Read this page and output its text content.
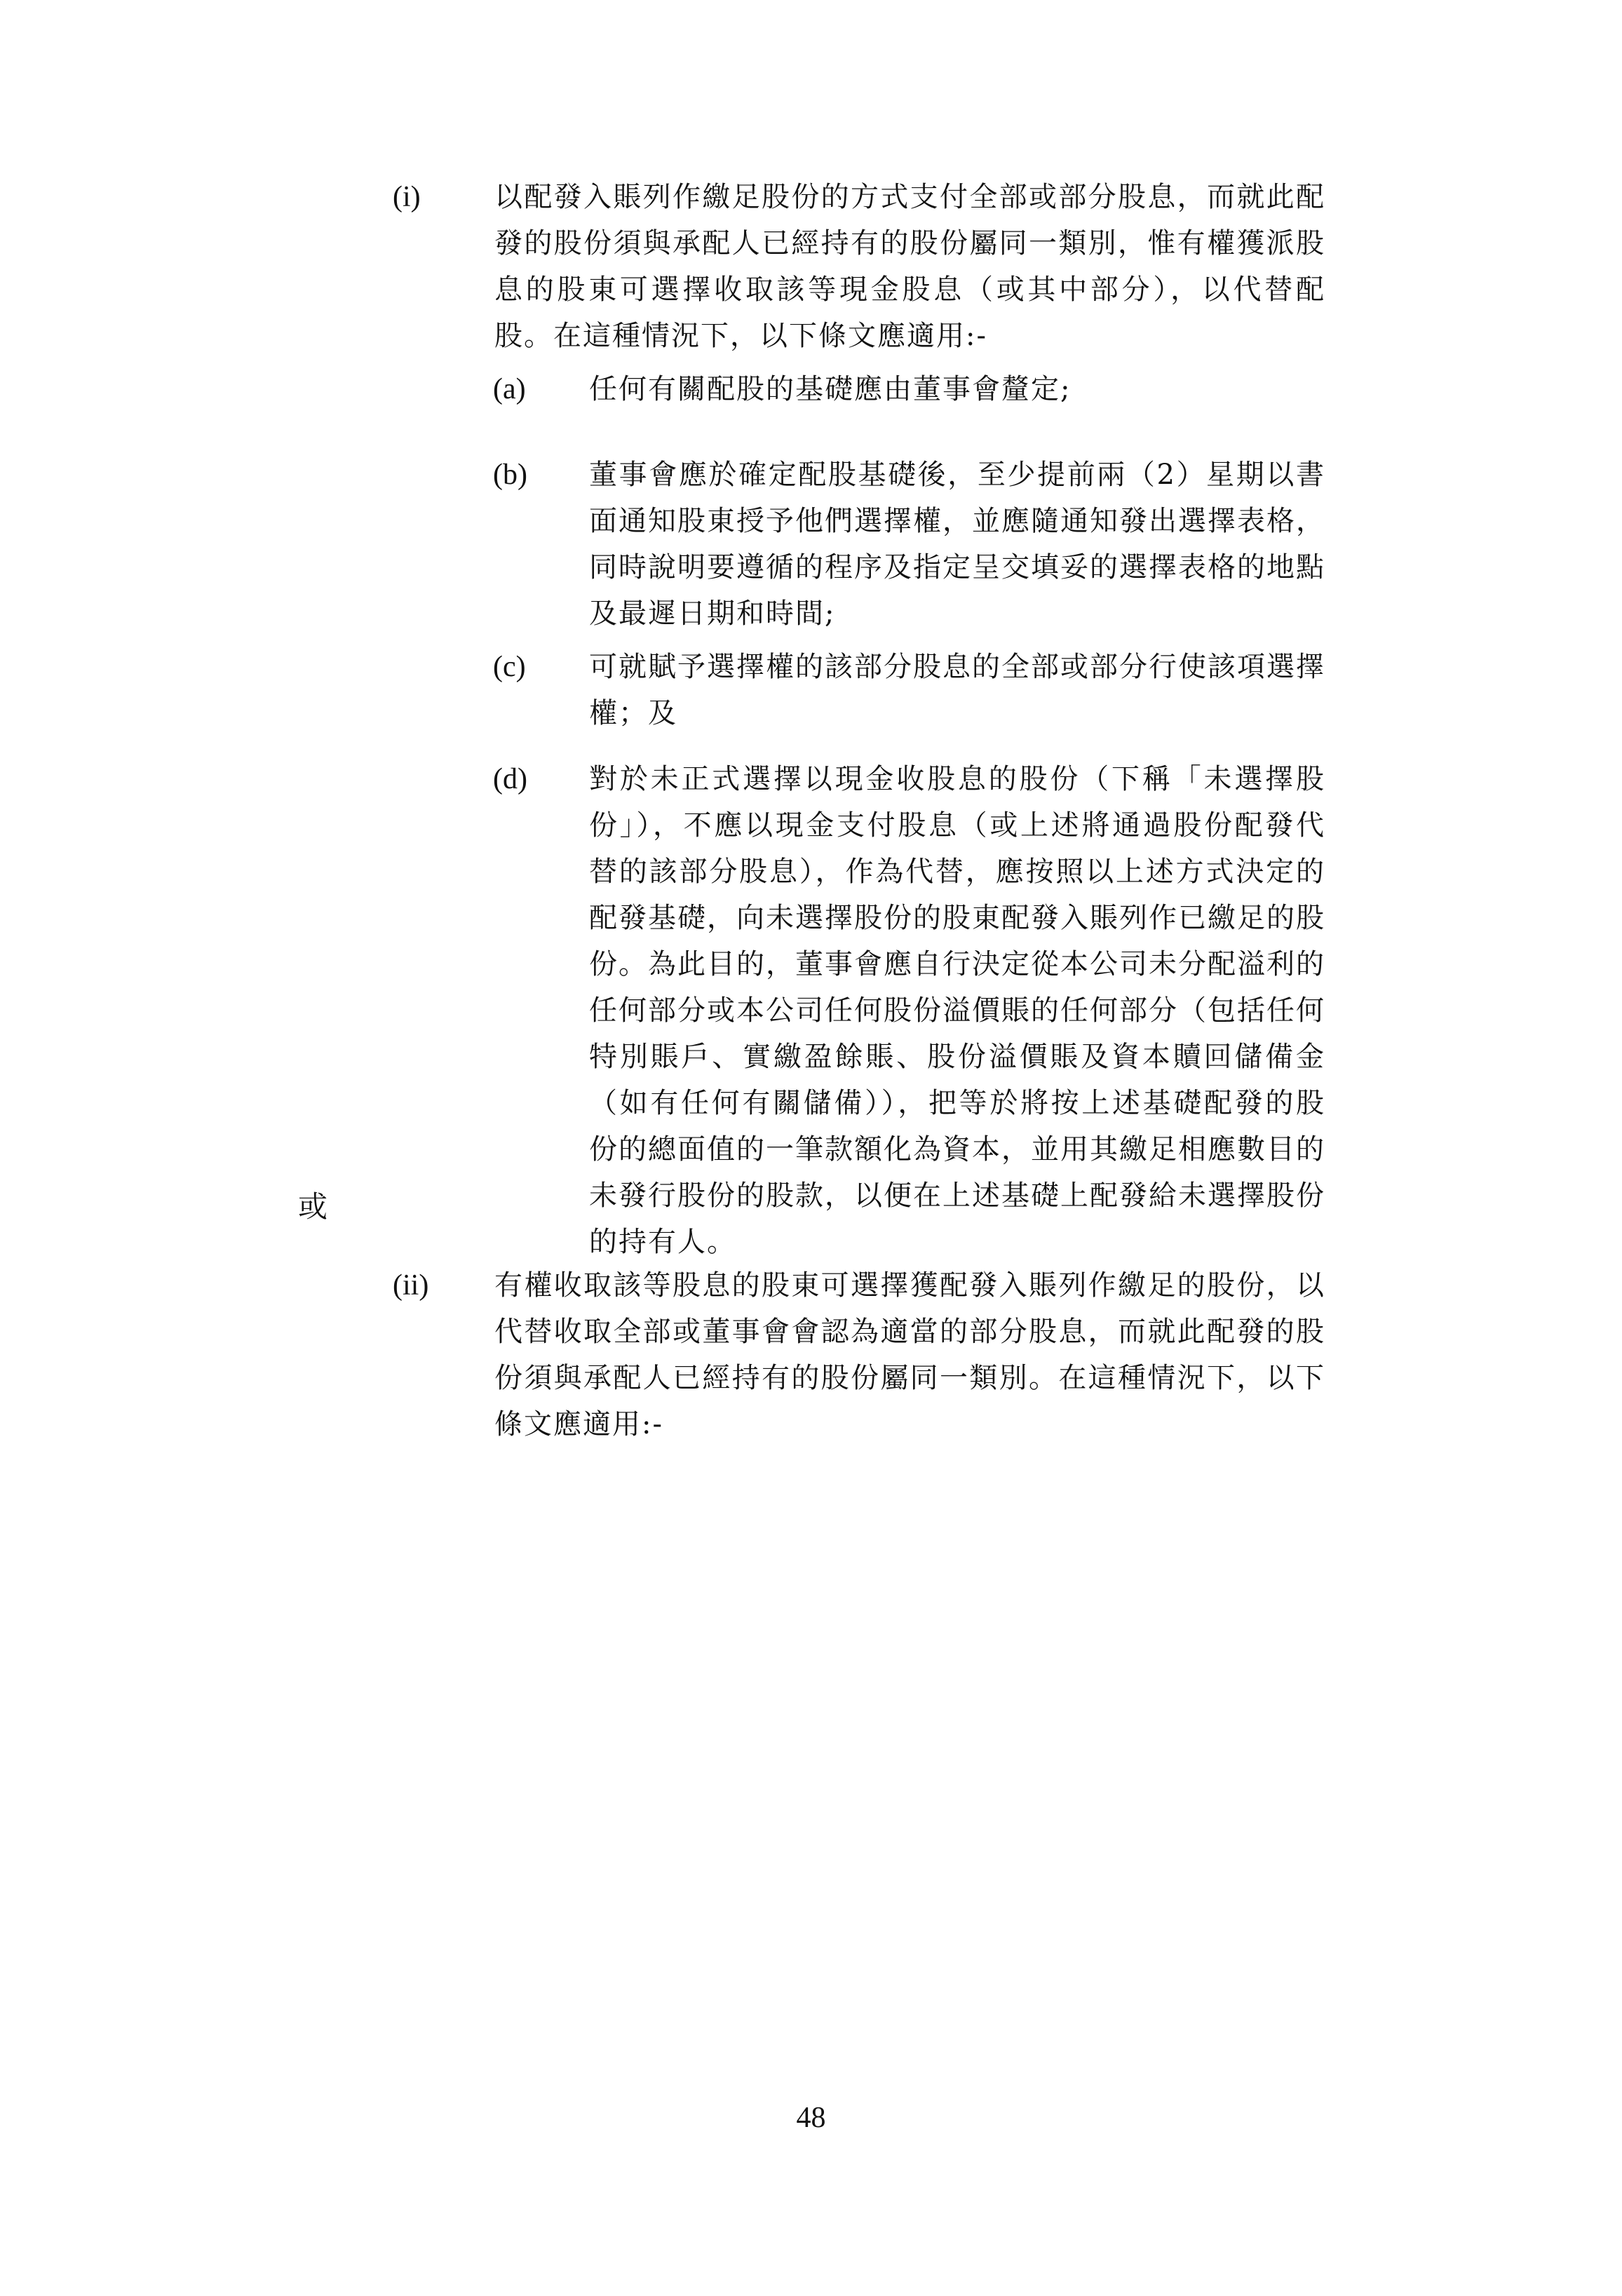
(i)	以配發入賬列作繳足股份的方式支付全部或部分股息，而就此配發的股份須與承配人已經持有的股份屬同一類別，惟有權獲派股息的股東可選擇收取該等現金股息（或其中部分），以代替配股。在這種情況下，以下條文應適用:-
(a) 任何有關配股的基礎應由董事會釐定;
(b) 董事會應於確定配股基礎後，至少提前兩（2）星期以書面通知股東授予他們選擇權，並應隨通知發出選擇表格，同時說明要遵循的程序及指定呈交填妥的選擇表格的地點及最遲日期和時間;
(c) 可就賦予選擇權的該部分股息的全部或部分行使該項選擇權；及
(d) 對於未正式選擇以現金收股息的股份（下稱「未選擇股份」），不應以現金支付股息（或上述將通過股份配發代替的該部分股息），作為代替，應按照以上述方式決定的配發基礎，向未選擇股份的股東配發入賬列作已繳足的股份。為此目的，董事會應自行決定從本公司未分配溢利的任何部分或本公司任何股份溢價賬的任何部分（包括任何特別賬戶、實繳盈餘賬、股份溢價賬及資本贖回儲備金（如有任何有關儲備）），把等於將按上述基礎配發的股份的總面值的一筆款額化為資本，並用其繳足相應數目的未發行股份的股款，以便在上述基礎上配發給未選擇股份的持有人。
或
(ii) 有權收取該等股息的股東可選擇獲配發入賬列作繳足的股份，以代替收取全部或董事會會認為適當的部分股息，而就此配發的股份須與承配人已經持有的股份屬同一類別。在這種情況下，以下條文應適用:-
48
